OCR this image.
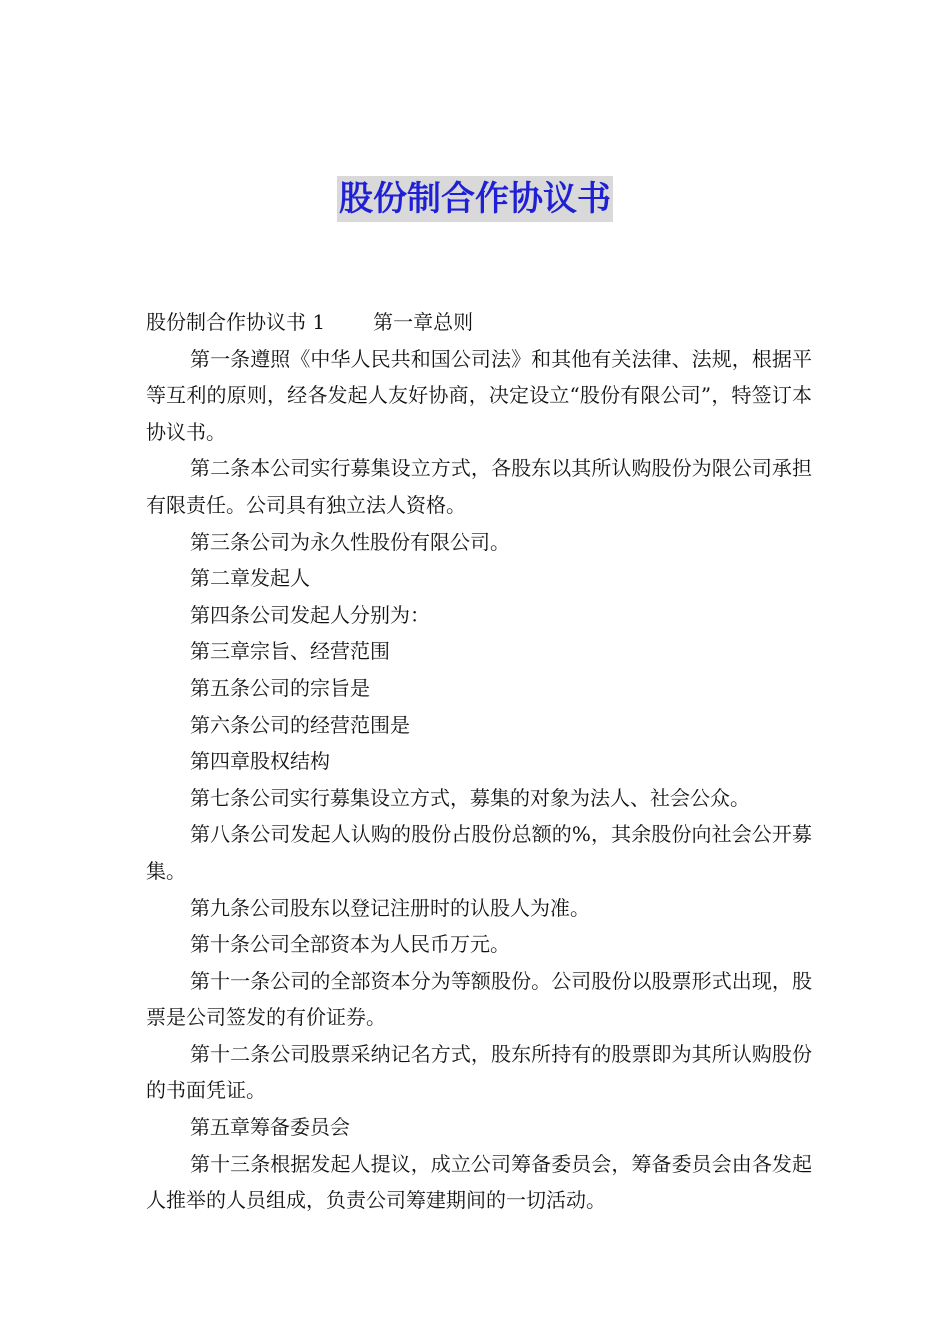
股份制合作协议书

股份制合作协议书 1 第一章总则

第一条遵照《中华人民共和国公司法》和其他有关法律、法规，根据平等互利的原则，经各发起人友好协商，决定设立“股份有限公司”，特签订本协议书。

第二条本公司实行募集设立方式，各股东以其所认购股份为限公司承担有限责任。公司具有独立法人资格。

第三条公司为永久性股份有限公司。

第二章发起人

第四条公司发起人分别为：

第三章宗旨、经营范围

第五条公司的宗旨是

第六条公司的经营范围是

第四章股权结构

第七条公司实行募集设立方式，募集的对象为法人、社会公众。

第八条公司发起人认购的股份占股份总额的%，其余股份向社会公开募集。

第九条公司股东以登记注册时的认股人为准。

第十条公司全部资本为人民币万元。

第十一条公司的全部资本分为等额股份。公司股份以股票形式出现，股票是公司签发的有价证券。

第十二条公司股票采纳记名方式，股东所持有的股票即为其所认购股份的书面凭证。

第五章筹备委员会

第十三条根据发起人提议，成立公司筹备委员会，筹备委员会由各发起人推举的人员组成，负责公司筹建期间的一切活动。
